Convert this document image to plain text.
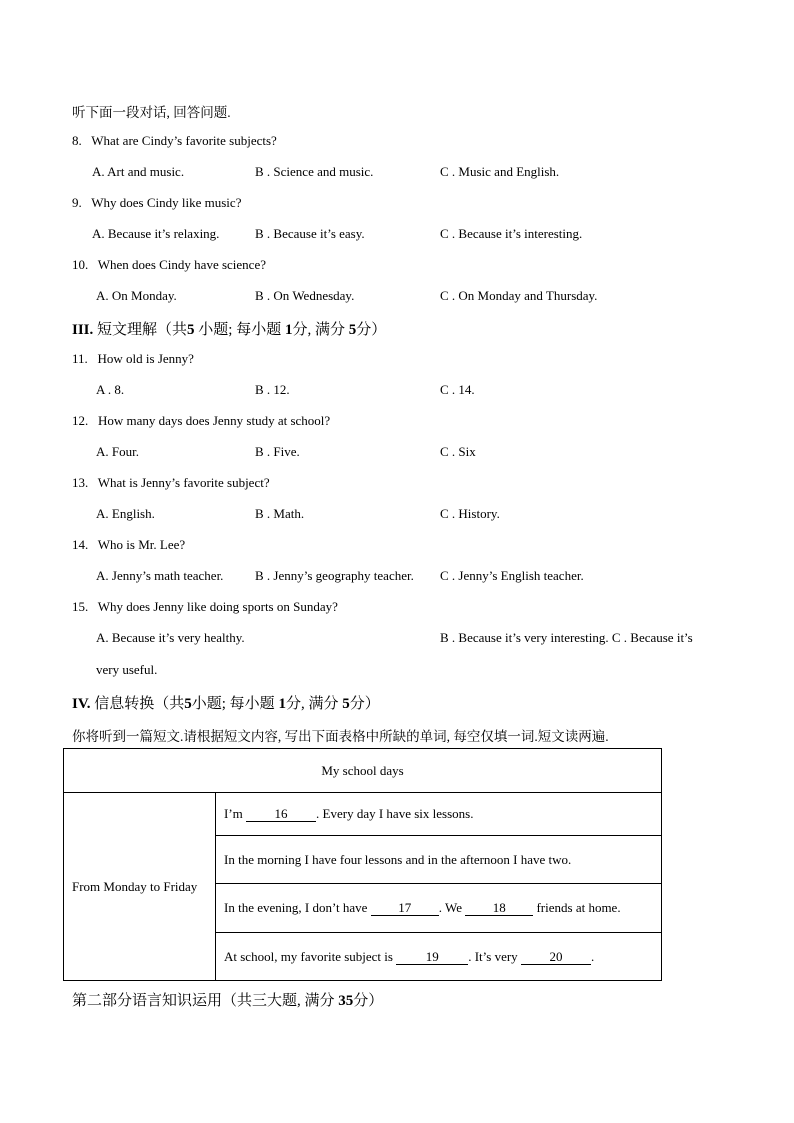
听下面一段对话, 回答问题.
8. What are Cindy’s favorite subjects?
A. Art and music.	B . Science and music.	C . Music and English.
9. Why does Cindy like music?
A. Because it’s relaxing.	B . Because it’s easy.	C . Because it’s interesting.
10. When does Cindy have science?
A. On Monday.	B . On Wednesday.	C . On Monday and Thursday.
III. 短文理解（共5 小题; 每小题 1分, 满分 5分）
11. How old is Jenny?
A . 8.	B . 12.	C . 14.
12. How many days does Jenny study at school?
A. Four.	B . Five.	C . Six
13. What is Jenny’s favorite subject?
A. English.	B . Math.	C . History.
14. Who is Mr. Lee?
A. Jenny’s math teacher. B . Jenny’s geography teacher. C . Jenny’s English teacher.
15. Why does Jenny like doing sports on Sunday?
A. Because it’s very healthy.	B . Because it’s very interesting. C . Because it’s
very useful.
IV. 信息转换（共5小题; 每小题 1分, 满分 5分）
你将听到一篇短文.请根据短文内容, 写出下面表格中所缺的单词, 每空仅填一词.短文读两遍.
My school days
From Monday to Friday	I’m 16 . Every day I have six lessons.
In the morning I have four lessons and in the afternoon I have two.
In the evening, I don’t have 17 . We 18 friends at home.
At school, my favorite subject is	19 . It’s very 20 .
第二部分语言知识运用（共三大题, 满分 35分）
